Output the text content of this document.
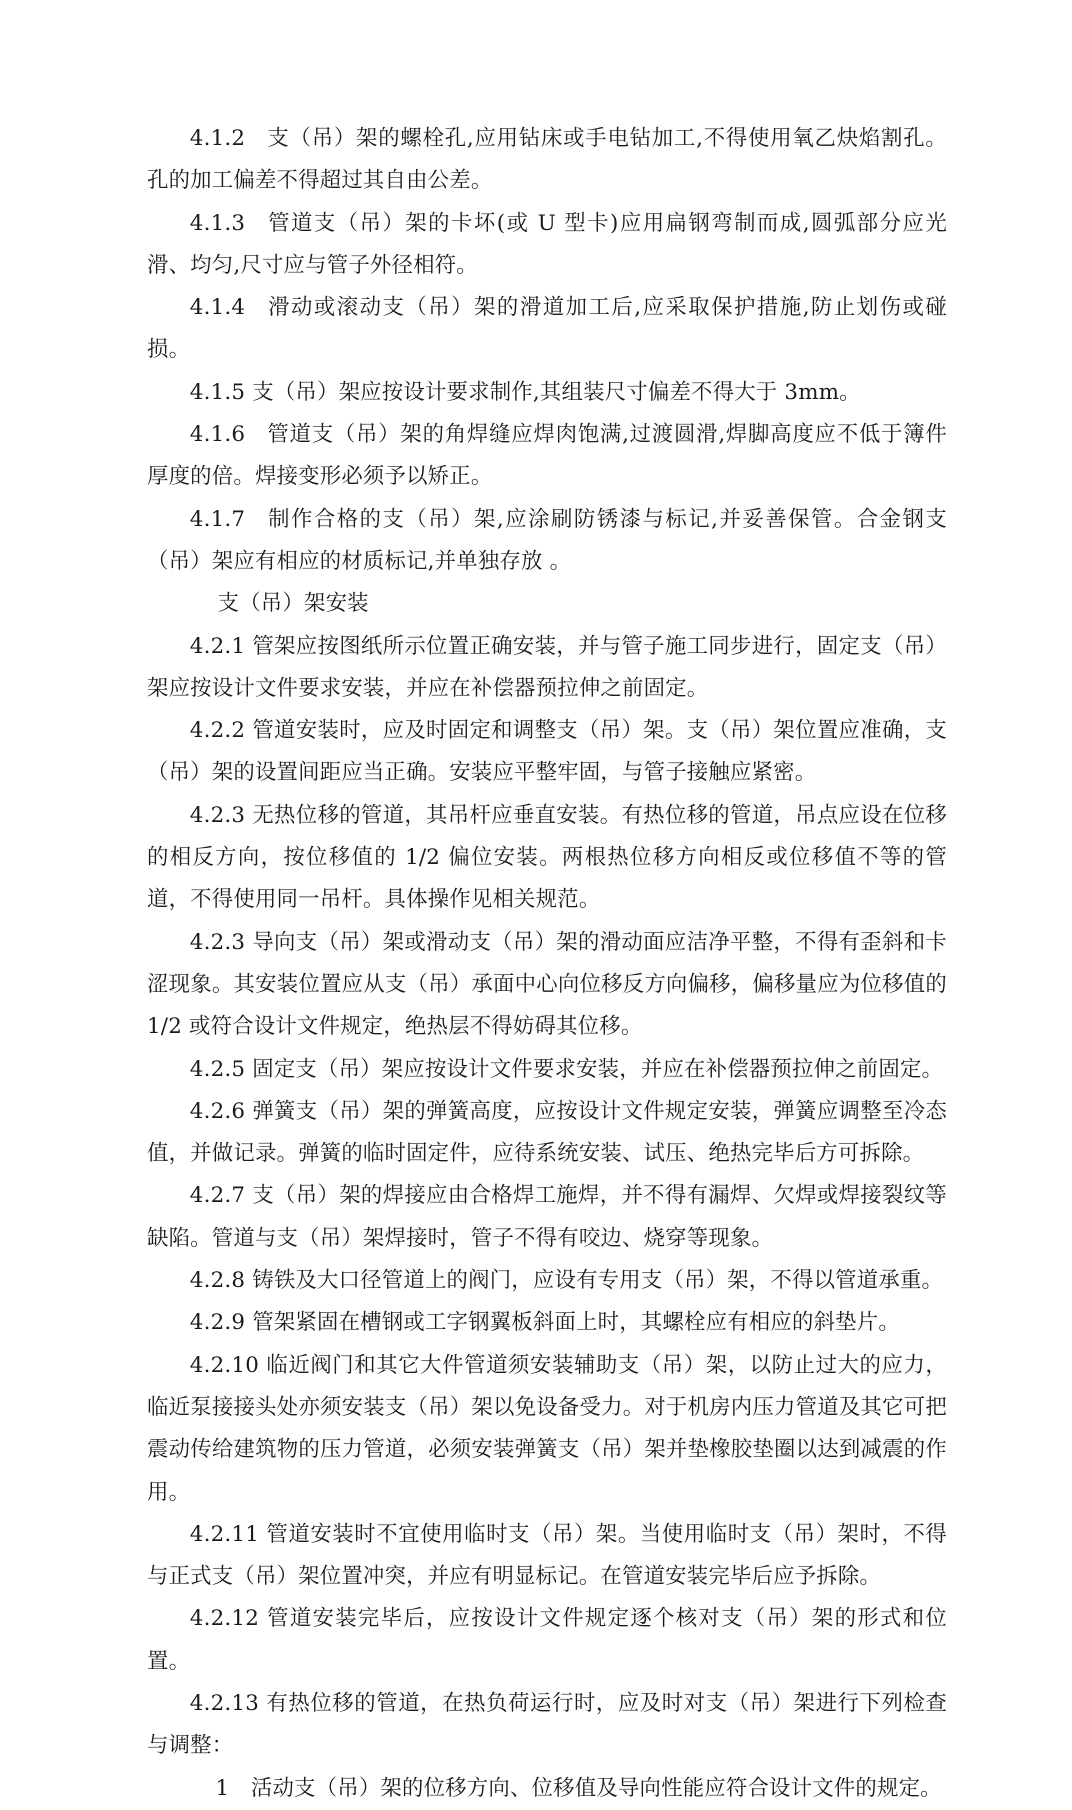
4.1.2 支（吊）架的螺栓孔,应用钻床或手电钻加工,不得使用氧乙炔焰割孔。孔的加工偏差不得超过其自由公差。

4.1.3 管道支（吊）架的卡坏(或 U 型卡)应用扁钢弯制而成,圆弧部分应光滑、均匀,尺寸应与管子外径相符。

4.1.4 滑动或滚动支（吊）架的滑道加工后,应采取保护措施,防止划伤或碰损。

4.1.5 支（吊）架应按设计要求制作,其组装尺寸偏差不得大于 3mm。

4.1.6 管道支（吊）架的角焊缝应焊肉饱满,过渡圆滑,焊脚高度应不低于簿件厚度的倍。焊接变形必须予以矫正。

4.1.7 制作合格的支（吊）架,应涂刷防锈漆与标记,并妥善保管。合金钢支（吊）架应有相应的材质标记,并单独存放 。

支（吊）架安装

4.2.1 管架应按图纸所示位置正确安装，并与管子施工同步进行，固定支（吊）架应按设计文件要求安装，并应在补偿器预拉伸之前固定。

4.2.2 管道安装时，应及时固定和调整支（吊）架。支（吊）架位置应准确，支（吊）架的设置间距应当正确。安装应平整牢固，与管子接触应紧密。

4.2.3 无热位移的管道，其吊杆应垂直安装。有热位移的管道，吊点应设在位移的相反方向，按位移值的 1/2 偏位安装。两根热位移方向相反或位移值不等的管道，不得使用同一吊杆。具体操作见相关规范。

4.2.3 导向支（吊）架或滑动支（吊）架的滑动面应洁净平整，不得有歪斜和卡涩现象。其安装位置应从支（吊）承面中心向位移反方向偏移，偏移量应为位移值的 1/2 或符合设计文件规定，绝热层不得妨碍其位移。

4.2.5 固定支（吊）架应按设计文件要求安装，并应在补偿器预拉伸之前固定。

4.2.6 弹簧支（吊）架的弹簧高度，应按设计文件规定安装，弹簧应调整至冷态值，并做记录。弹簧的临时固定件，应待系统安装、试压、绝热完毕后方可拆除。

4.2.7 支（吊）架的焊接应由合格焊工施焊，并不得有漏焊、欠焊或焊接裂纹等缺陷。管道与支（吊）架焊接时，管子不得有咬边、烧穿等现象。

4.2.8 铸铁及大口径管道上的阀门，应设有专用支（吊）架，不得以管道承重。

4.2.9 管架紧固在槽钢或工字钢翼板斜面上时，其螺栓应有相应的斜垫片。

4.2.10 临近阀门和其它大件管道须安装辅助支（吊）架，以防止过大的应力，临近泵接接头处亦须安装支（吊）架以免设备受力。对于机房内压力管道及其它可把震动传给建筑物的压力管道，必须安装弹簧支（吊）架并垫橡胶垫圈以达到减震的作用。

4.2.11 管道安装时不宜使用临时支（吊）架。当使用临时支（吊）架时，不得与正式支（吊）架位置冲突，并应有明显标记。在管道安装完毕后应予拆除。

4.2.12 管道安装完毕后，应按设计文件规定逐个核对支（吊）架的形式和位置。

4.2.13 有热位移的管道，在热负荷运行时，应及时对支（吊）架进行下列检查与调整：

1 活动支（吊）架的位移方向、位移值及导向性能应符合设计文件的规定。
